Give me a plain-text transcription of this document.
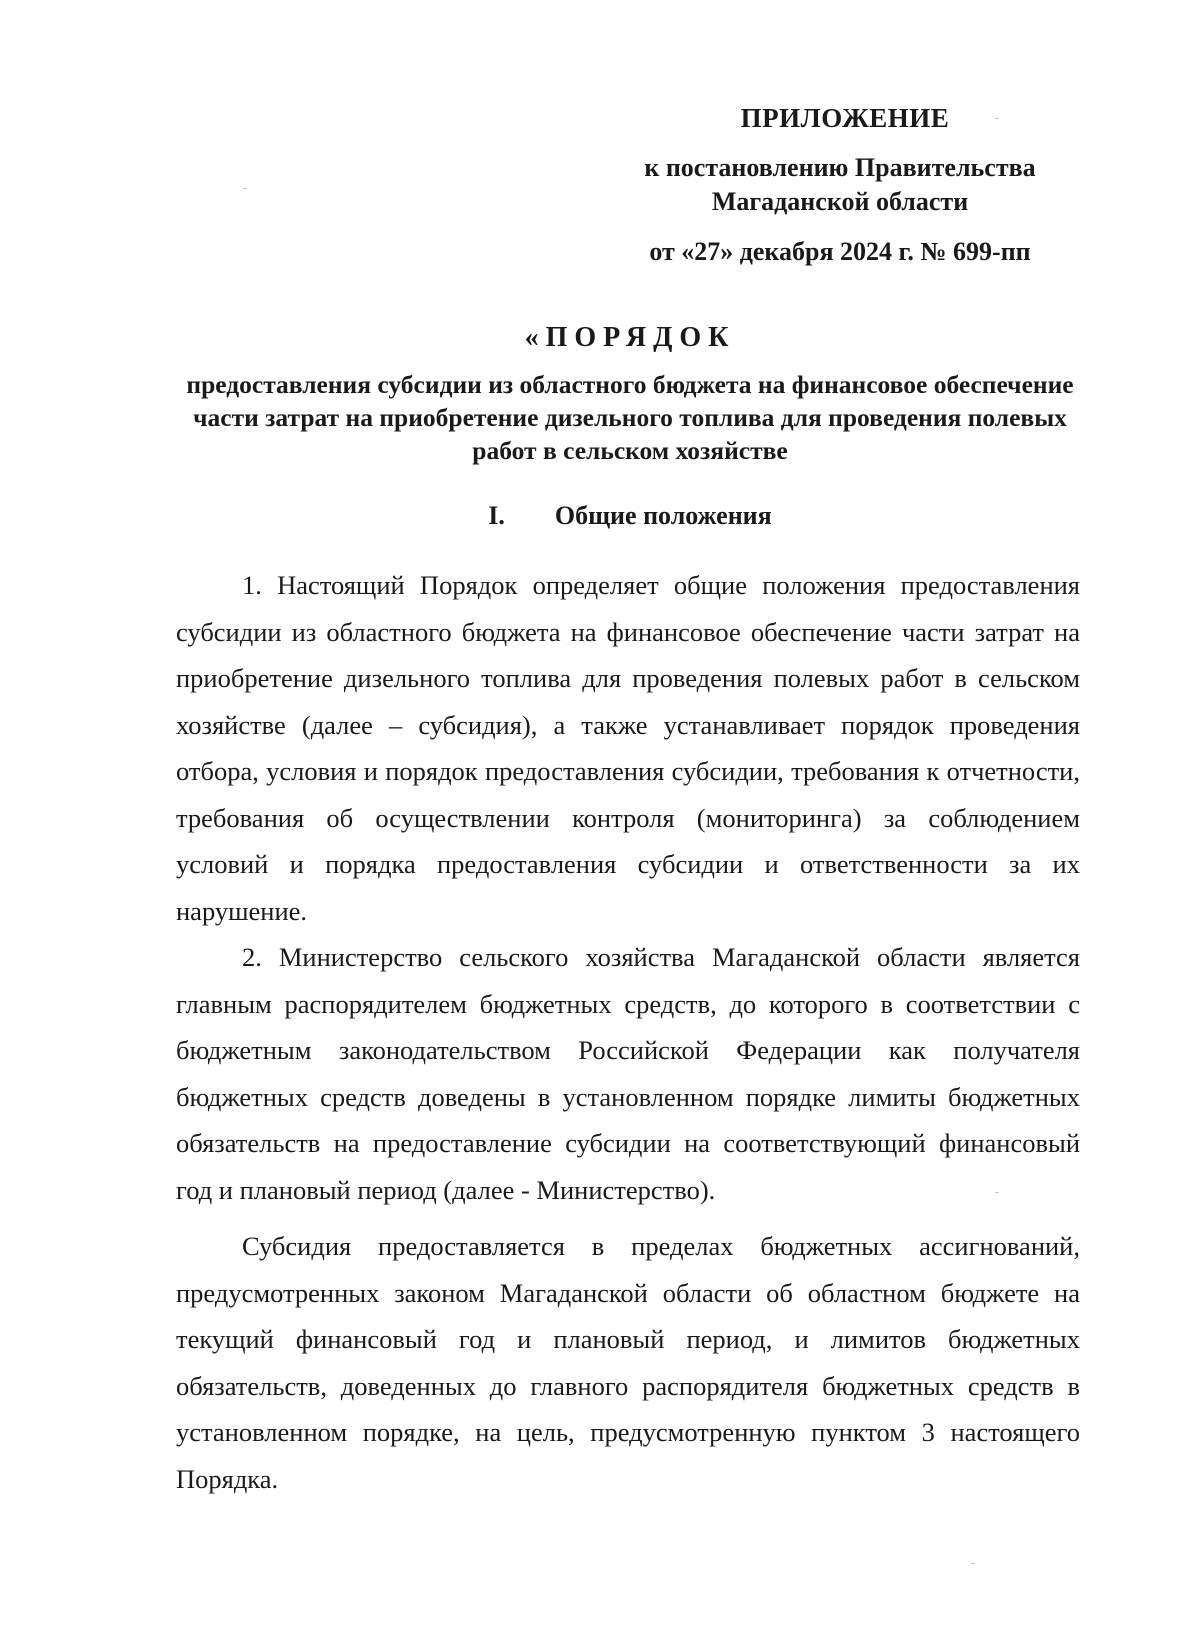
ПРИЛОЖЕНИЕ
к постановлению Правительства
Магаданской области
от «27» декабря 2024 г. № 699-пп
«ПОРЯДОК
предоставления субсидии из областного бюджета на финансовое обеспечение части затрат на приобретение дизельного топлива для проведения полевых работ в сельском хозяйстве
I. Общие положения

1. Настоящий Порядок определяет общие положения предоставления субсидии из областного бюджета на финансовое обеспечение части затрат на приобретение дизельного топлива для проведения полевых работ в сельском хозяйстве (далее – субсидия), а также устанавливает порядок проведения отбора, условия и порядок предоставления субсидии, требования к отчетности, требования об осуществлении контроля (мониторинга) за соблюдением условий и порядка предоставления субсидии и ответственности за их нарушение.

2. Министерство сельского хозяйства Магаданской области является главным распорядителем бюджетных средств, до которого в соответствии с бюджетным законодательством Российской Федерации как получателя бюджетных средств доведены в установленном порядке лимиты бюджетных обязательств на предоставление субсидии на соответствующий финансовый год и плановый период (далее - Министерство).

Субсидия предоставляется в пределах бюджетных ассигнований, предусмотренных законом Магаданской области об областном бюджете на текущий финансовый год и плановый период, и лимитов бюджетных обязательств, доведенных до главного распорядителя бюджетных средств в установленном порядке, на цель, предусмотренную пунктом 3 настоящего Порядка.
